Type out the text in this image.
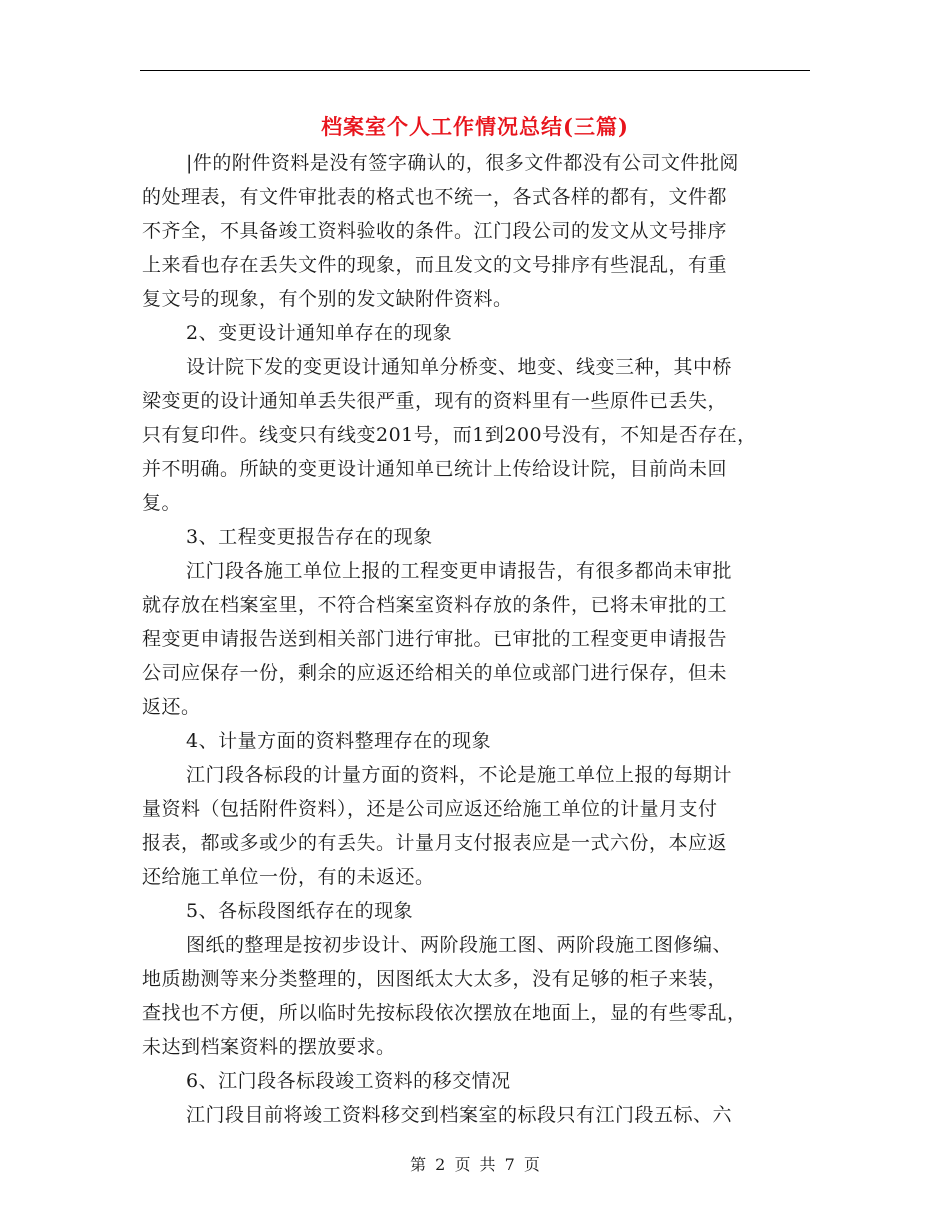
档案室个人工作情况总结(三篇)
|件的附件资料是没有签字确认的，很多文件都没有公司文件批阅
的处理表，有文件审批表的格式也不统一，各式各样的都有，文件都
不齐全，不具备竣工资料验收的条件。江门段公司的发文从文号排序
上来看也存在丢失文件的现象，而且发文的文号排序有些混乱，有重
复文号的现象，有个别的发文缺附件资料。
2、变更设计通知单存在的现象
设计院下发的变更设计通知单分桥变、地变、线变三种，其中桥
梁变更的设计通知单丢失很严重，现有的资料里有一些原件已丢失，
只有复印件。线变只有线变201号，而1到200号没有，不知是否存在，
并不明确。所缺的变更设计通知单已统计上传给设计院，目前尚未回
复。
3、工程变更报告存在的现象
江门段各施工单位上报的工程变更申请报告，有很多都尚未审批
就存放在档案室里，不符合档案室资料存放的条件，已将未审批的工
程变更申请报告送到相关部门进行审批。已审批的工程变更申请报告
公司应保存一份，剩余的应返还给相关的单位或部门进行保存，但未
返还。
4、计量方面的资料整理存在的现象
江门段各标段的计量方面的资料，不论是施工单位上报的每期计
量资料（包括附件资料），还是公司应返还给施工单位的计量月支付
报表，都或多或少的有丢失。计量月支付报表应是一式六份，本应返
还给施工单位一份，有的未返还。
5、各标段图纸存在的现象
图纸的整理是按初步设计、两阶段施工图、两阶段施工图修编、
地质勘测等来分类整理的，因图纸太大太多，没有足够的柜子来装，
查找也不方便，所以临时先按标段依次摆放在地面上，显的有些零乱，
未达到档案资料的摆放要求。
6、江门段各标段竣工资料的移交情况
江门段目前将竣工资料移交到档案室的标段只有江门段五标、六
第 2 页 共 7 页
